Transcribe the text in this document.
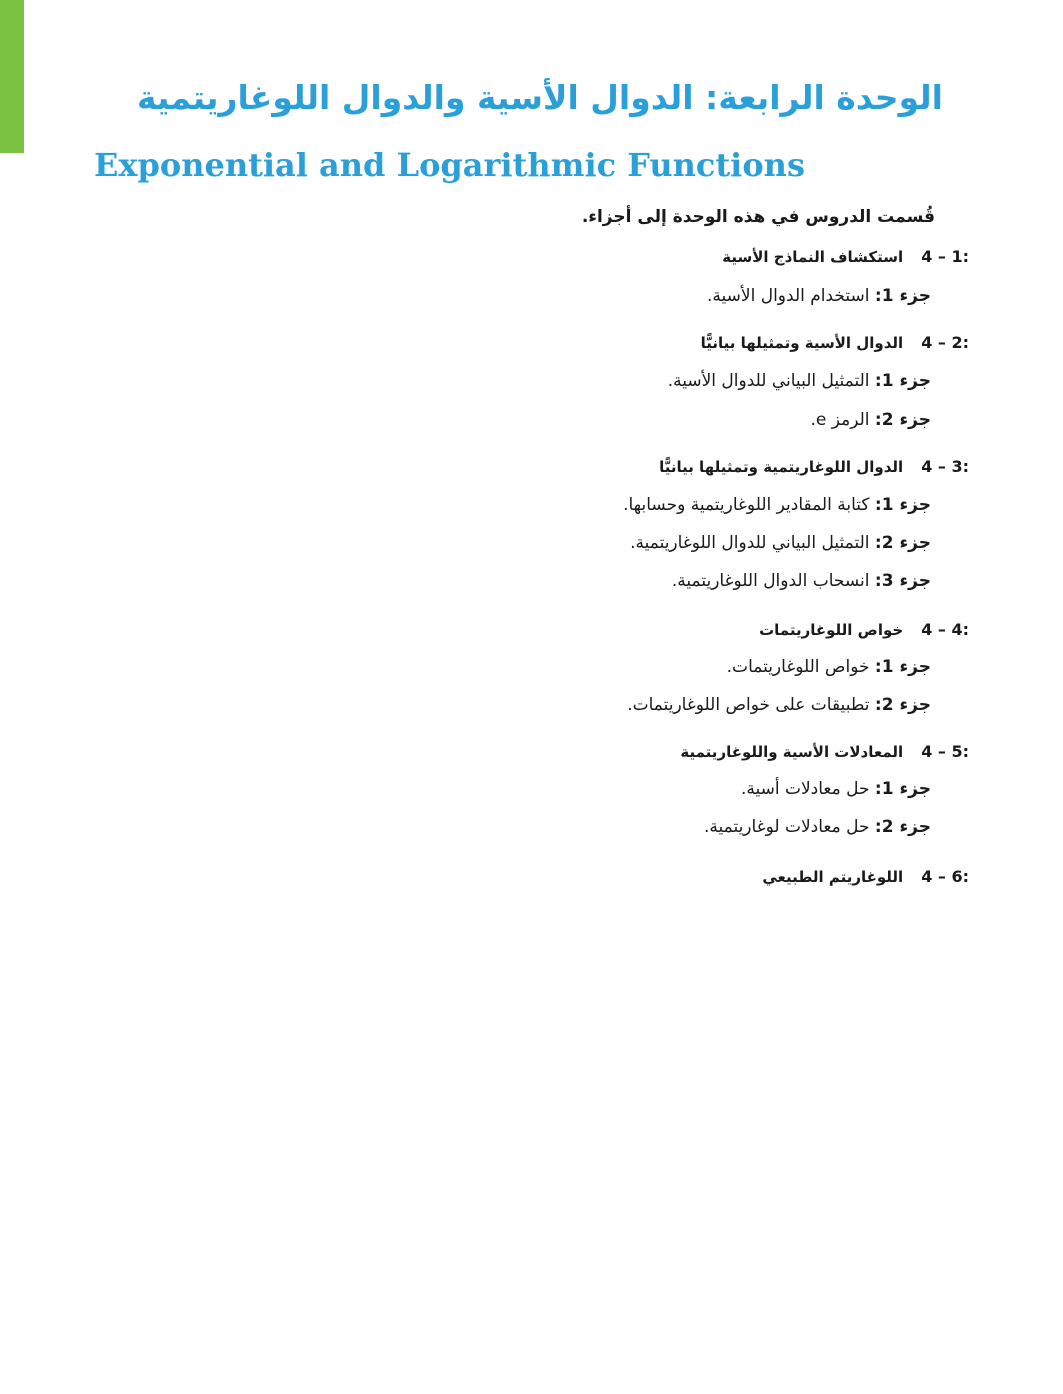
الوحدة الرابعة: الدوال الأسية والدوال اللوغاريتمية
Exponential and Logarithmic Functions
قُسمت الدروس في هذه الوحدة إلى أجزاء.
4 – 1:استكشاف النماذج الأسية
جزء 1: استخدام الدوال الأسية.
4 – 2:الدوال الأسية وتمثيلها بيانيًّا
جزء 1: التمثيل البياني للدوال الأسية.
جزء 2: الرمز e.
4 – 3:الدوال اللوغاريتمية وتمثيلها بيانيًّا
جزء 1: كتابة المقادير اللوغاريتمية وحسابها.
جزء 2: التمثيل البياني للدوال اللوغاريتمية.
جزء 3: انسحاب الدوال اللوغاريتمية.
4 – 4:خواص اللوغاريتمات
جزء 1: خواص اللوغاريتمات.
جزء 2: تطبيقات على خواص اللوغاريتمات.
4 – 5:المعادلات الأسية واللوغاريتمية
جزء 1: حل معادلات أسية.
جزء 2: حل معادلات لوغاريتمية.
4 – 6:اللوغاريتم الطبيعي
